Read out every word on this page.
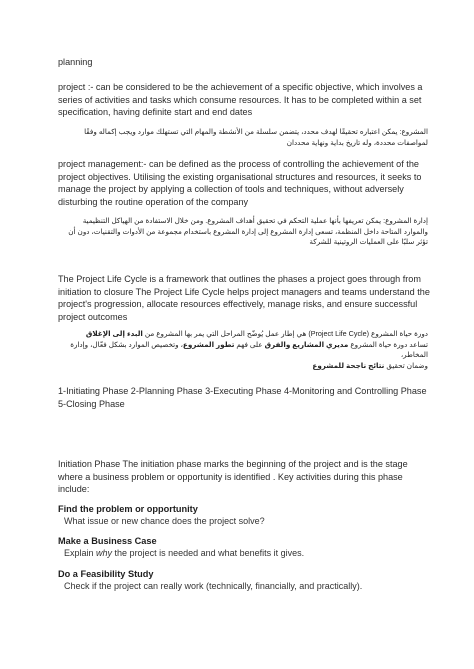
planning

project :- can be considered to be the achievement of a specific objective, which involves a series of activities and tasks which consume resources. It has to be completed within a set specification, having definite start and end dates

المشروع: يمكن اعتباره تحقيقًا لهدف محدد، يتضمن سلسلة من الأنشطة والمهام التي تستهلك موارد ويجب إكماله وفقًا لمواصفات محددة، وله تاريخ بداية ونهاية محددان

project management:- can be defined as the process of controlling the achievement of the project objectives. Utilising the existing organisational structures and resources, it seeks to manage the project by applying a collection of tools and techniques, without adversely disturbing the routine operation of the company

إدارة المشروع: يمكن تعريفها بأنها عملية التحكم في تحقيق أهداف المشروع. ومن خلال الاستفادة من الهياكل التنظيمية والموارد المتاحة داخل المنظمة، تسعى إدارة المشروع إلى إدارة المشروع باستخدام مجموعة من الأدوات والتقنيات، دون أن تؤثر سلبًا على العمليات الروتينية للشركة

The Project Life Cycle is a framework that outlines the phases a project goes through from initiation to closure The Project Life Cycle helps project managers and teams understand the project's progression, allocate resources effectively, manage risks, and ensure successful project outcomes

دورة حياة المشروع (Project Life Cycle) هي إطار عمل يُوضّح المراحل التي يمر بها المشروع من البدء إلى الإغلاق
تساعد دورة حياة المشروع مديري المشاريع والفرق على فهم تطور المشروع، وتخصيص الموارد بشكل فعّال، وإدارة المخاطر،
وضمان تحقيق نتائج ناجحة للمشروع

1-Initiating Phase 2-Planning Phase 3-Executing Phase 4-Monitoring and Controlling Phase 5-Closing Phase

Initiation Phase The initiation phase marks the beginning of the project and is the stage where a business problem or opportunity is identified . Key activities during this phase include:

Find the problem or opportunity

What issue or new chance does the project solve?

Make a Business Case

Explain why the project is needed and what benefits it gives.

Do a Feasibility Study

Check if the project can really work (technically, financially, and practically).
